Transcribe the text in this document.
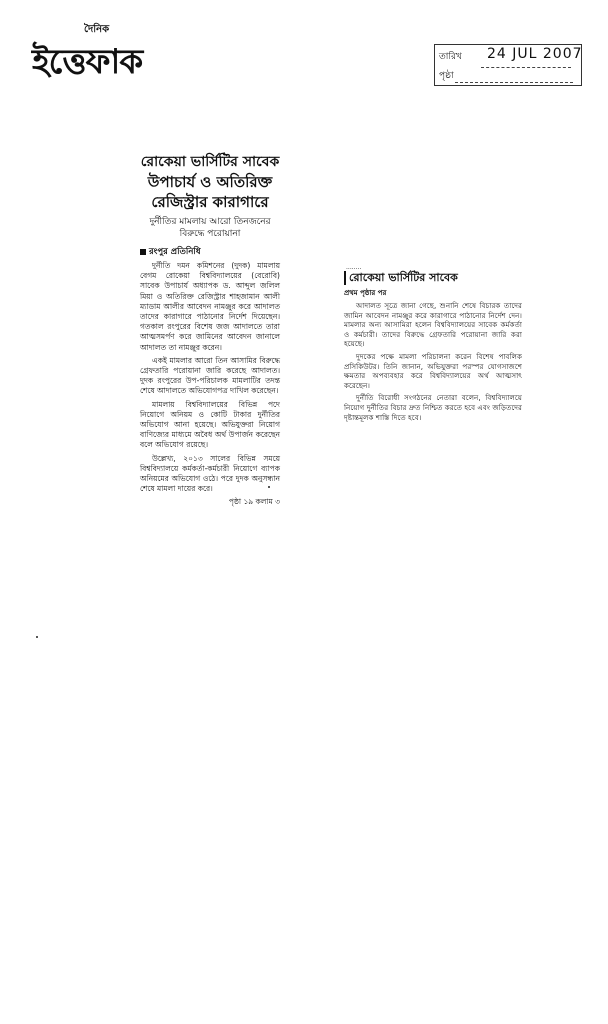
দৈনিক
ইত্তেফাক	তারিখ 24 JUL 2007
পৃষ্ঠা
রোকেয়া ভার্সিটির সাবেক
উপাচার্য ও অতিরিক্ত
রেজিস্ট্রার কারাগারে
দুর্নীতির মামলায় আরো তিনজনের বিরুদ্ধে পরোয়ানা
রংপুর প্রতিনিধি

দুর্নীতি দমন কমিশনের (দুদক) মামলায় বেগম রোকেয়া বিশ্ববিদ্যালয়ের (বেরোবি) সাবেক উপাচার্য অধ্যাপক ড. আব্দুল জলিল মিয়া ও অতিরিক্ত রেজিস্ট্রার শাহজামান আলী ম্যাডাম আলীর আবেদন নামঞ্জুর করে আদালত তাদের কারাগারে পাঠানোর নির্দেশ দিয়েছেন। গতকাল রংপুরের বিশেষ জজ আদালতে তারা আত্মসমর্পণ করে জামিনের আবেদন জানালে আদালত তা নামঞ্জুর করেন।

একই মামলার আরো তিন আসামির বিরুদ্ধে গ্রেফতারি পরোয়ানা জারি করেছে আদালত। দুদক রংপুরের উপ-পরিচালক মামলাটির তদন্ত শেষে আদালতে অভিযোগপত্র দাখিল করেছেন।

মামলায় বিশ্ববিদ্যালয়ের বিভিন্ন পদে নিয়োগে অনিয়ম ও কোটি টাকার দুর্নীতির অভিযোগ আনা হয়েছে। অভিযুক্তরা নিয়োগ বাণিজ্যের মাধ্যমে অবৈধ অর্থ উপার্জন করেছেন বলে অভিযোগ রয়েছে।

উল্লেখ্য, ২০১৩ সালের বিভিন্ন সময়ে বিশ্ববিদ্যালয়ে কর্মকর্তা-কর্মচারী নিয়োগে ব্যাপক অনিয়মের অভিযোগ ওঠে। পরে দুদক অনুসন্ধান শেষে মামলা দায়ের করে।

পৃষ্ঠা ১৯ কলাম ৩
........
রোকেয়া ভার্সিটির সাবেক
প্রথম পৃষ্ঠার পর

আদালত সূত্রে জানা গেছে, শুনানি শেষে বিচারক তাদের জামিন আবেদন নামঞ্জুর করে কারাগারে পাঠানোর নির্দেশ দেন। মামলার অন্য আসামিরা হলেন বিশ্ববিদ্যালয়ের সাবেক কর্মকর্তা ও কর্মচারী। তাদের বিরুদ্ধে গ্রেফতারি পরোয়ানা জারি করা হয়েছে।

দুদকের পক্ষে মামলা পরিচালনা করেন বিশেষ পাবলিক প্রসিকিউটর। তিনি জানান, অভিযুক্তরা পরস্পর যোগসাজশে ক্ষমতার অপব্যবহার করে বিশ্ববিদ্যালয়ের অর্থ আত্মসাৎ করেছেন।

দুর্নীতি বিরোধী সংগঠনের নেতারা বলেন, বিশ্ববিদ্যালয়ে নিয়োগ দুর্নীতির বিচার দ্রুত নিশ্চিত করতে হবে এবং জড়িতদের দৃষ্টান্তমূলক শাস্তি দিতে হবে।
